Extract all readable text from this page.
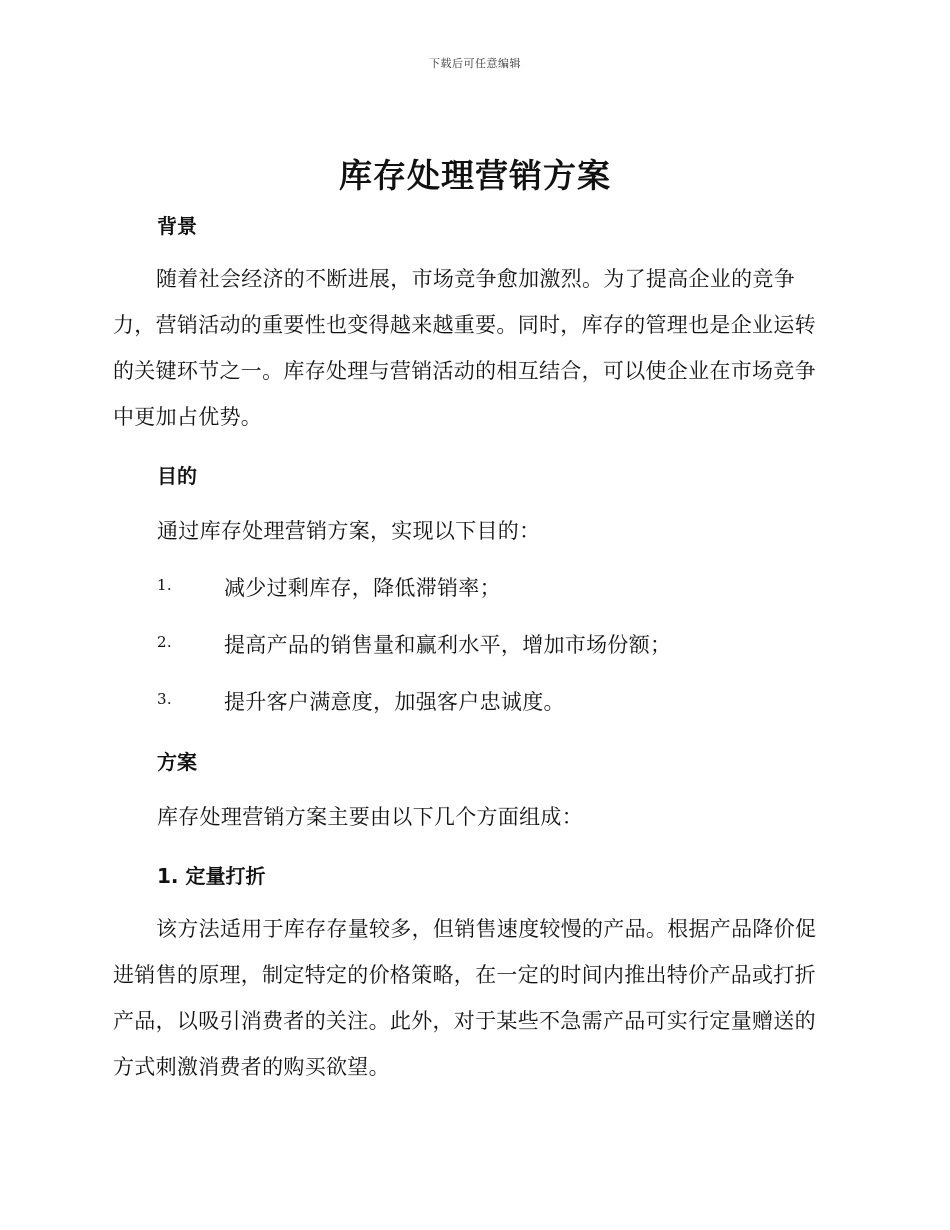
下载后可任意编辑
库存处理营销方案
背景

随着社会经济的不断进展，市场竞争愈加激烈。为了提高企业的竞争力，营销活动的重要性也变得越来越重要。同时，库存的管理也是企业运转的关键环节之一。库存处理与营销活动的相互结合，可以使企业在市场竞争中更加占优势。

目的

通过库存处理营销方案，实现以下目的：

1. 减少过剩库存，降低滞销率；
2. 提高产品的销售量和赢利水平，增加市场份额；
3. 提升客户满意度，加强客户忠诚度。
方案

库存处理营销方案主要由以下几个方面组成：

1. 定量打折

该方法适用于库存存量较多，但销售速度较慢的产品。根据产品降价促进销售的原理，制定特定的价格策略，在一定的时间内推出特价产品或打折产品，以吸引消费者的关注。此外，对于某些不急需产品可实行定量赠送的方式刺激消费者的购买欲望。
